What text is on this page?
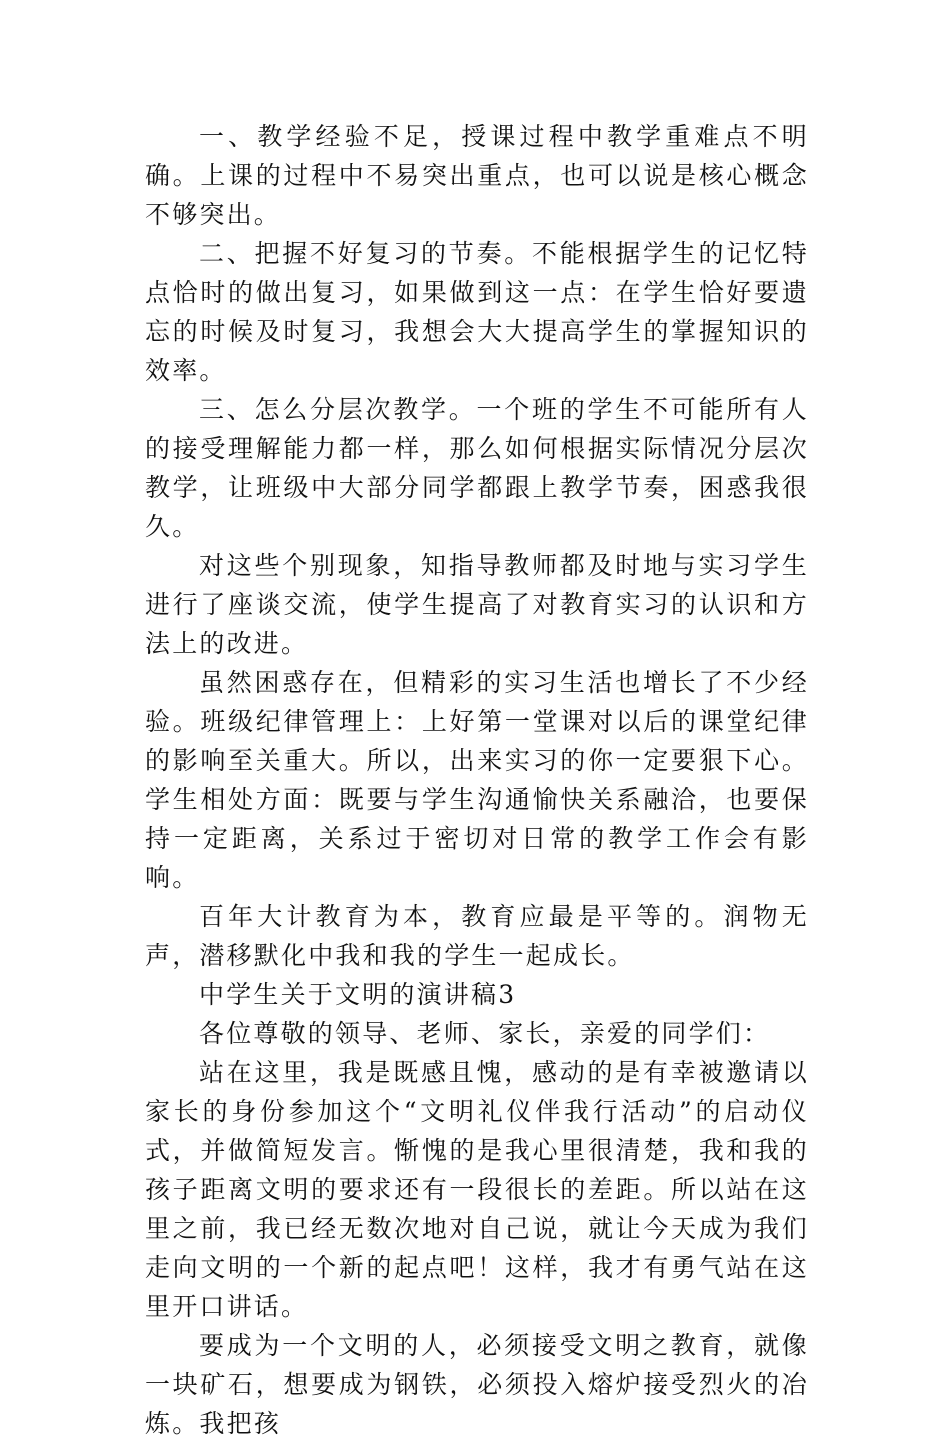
一、教学经验不足，授课过程中教学重难点不明确。上课的过程中不易突出重点，也可以说是核心概念不够突出。

二、把握不好复习的节奏。不能根据学生的记忆特点恰时的做出复习，如果做到这一点：在学生恰好要遗忘的时候及时复习，我想会大大提高学生的掌握知识的效率。

三、怎么分层次教学。一个班的学生不可能所有人的接受理解能力都一样，那么如何根据实际情况分层次教学，让班级中大部分同学都跟上教学节奏，困惑我很久。

对这些个别现象，知指导教师都及时地与实习学生进行了座谈交流，使学生提高了对教育实习的认识和方法上的改进。

虽然困惑存在，但精彩的实习生活也增长了不少经验。班级纪律管理上：上好第一堂课对以后的课堂纪律的影响至关重大。所以，出来实习的你一定要狠下心。学生相处方面：既要与学生沟通愉快关系融洽，也要保持一定距离，关系过于密切对日常的教学工作会有影响。

百年大计教育为本，教育应最是平等的。润物无声，潜移默化中我和我的学生一起成长。

中学生关于文明的演讲稿3

各位尊敬的领导、老师、家长，亲爱的同学们：

站在这里，我是既感且愧，感动的是有幸被邀请以家长的身份参加这个“文明礼仪伴我行活动”的启动仪式，并做简短发言。惭愧的是我心里很清楚，我和我的孩子距离文明的要求还有一段很长的差距。所以站在这里之前，我已经无数次地对自己说，就让今天成为我们走向文明的一个新的起点吧！这样，我才有勇气站在这里开口讲话。

要成为一个文明的人，必须接受文明之教育，就像一块矿石，想要成为钢铁，必须投入熔炉接受烈火的冶炼。我把孩
